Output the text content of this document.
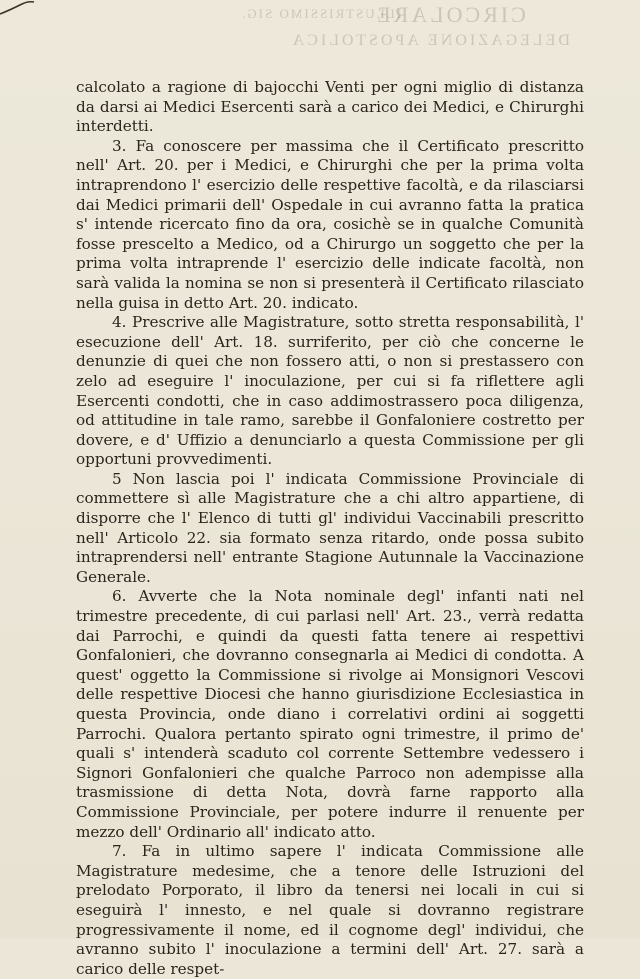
ILLUSTRISSIMO SIG.
CIRCOLARE
DELEGAZIONE APOSTOLICA

calcolato a ragione di bajocchi Venti per ogni miglio di distanza da darsi ai Medici Esercenti sarà a carico dei Medici, e Chirurghi interdetti.

3. Fa conoscere per massima che il Certificato prescritto nell' Art. 20. per i Medici, e Chirurghi che per la prima volta intraprendono l' esercizio delle respettive facoltà, e da rilasciarsi dai Medici primarii dell' Ospedale in cui avranno fatta la pratica s' intende ricercato fino da ora, cosichè se in qualche Comunità fosse prescelto a Medico, od a Chirurgo un soggetto che per la prima volta intraprende l' esercizio delle indicate facoltà, non sarà valida la nomina se non si presenterà il Certificato rilasciato nella guisa in detto Art. 20. indicato.

4. Prescrive alle Magistrature, sotto stretta responsabilità, l' esecuzione dell' Art. 18. surriferito, per ciò che concerne le denunzie di quei che non fossero atti, o non si prestassero con zelo ad eseguire l' inoculazione, per cui si fa riflettere agli Esercenti condotti, che in caso addimostrassero poca diligenza, od attitudine in tale ramo, sarebbe il Gonfaloniere costretto per dovere, e d' Uffizio a denunciarlo a questa Commissione per gli opportuni provvedimenti.

5 Non lascia poi l' indicata Commissione Provinciale di commettere sì alle Magistrature che a chi altro appartiene, di disporre che l' Elenco di tutti gl' individui Vaccinabili prescritto nell' Articolo 22. sia formato senza ritardo, onde possa subito intraprendersi nell' entrante Stagione Autunnale la Vaccinazione Generale.

6. Avverte che la Nota nominale degl' infanti nati nel trimestre precedente, di cui parlasi nell' Art. 23., verrà redatta dai Parrochi, e quindi da questi fatta tenere ai respettivi Gonfalonieri, che dovranno consegnarla ai Medici di condotta. A quest' oggetto la Commissione si rivolge ai Monsignori Vescovi delle respettive Diocesi che hanno giurisdizione Ecclesiastica in questa Provincia, onde diano i correlativi ordini ai soggetti Parrochi. Qualora pertanto spirato ogni trimestre, il primo de' quali s' intenderà scaduto col corrente Settembre vedessero i Signori Gonfalonieri che qualche Parroco non adempisse alla trasmissione di detta Nota, dovrà farne rapporto alla Commissione Provinciale, per potere indurre il renuente per mezzo dell' Ordinario all' indicato atto.

7. Fa in ultimo sapere l' indicata Commissione alle Magistrature medesime, che a tenore delle Istruzioni del prelodato Porporato, il libro da tenersi nei locali in cui si eseguirà l' innesto, e nel quale si dovranno registrare progressivamente il nome, ed il cognome degl' individui, che avranno subito l' inoculazione a termini dell' Art. 27. sarà a carico delle respet-
